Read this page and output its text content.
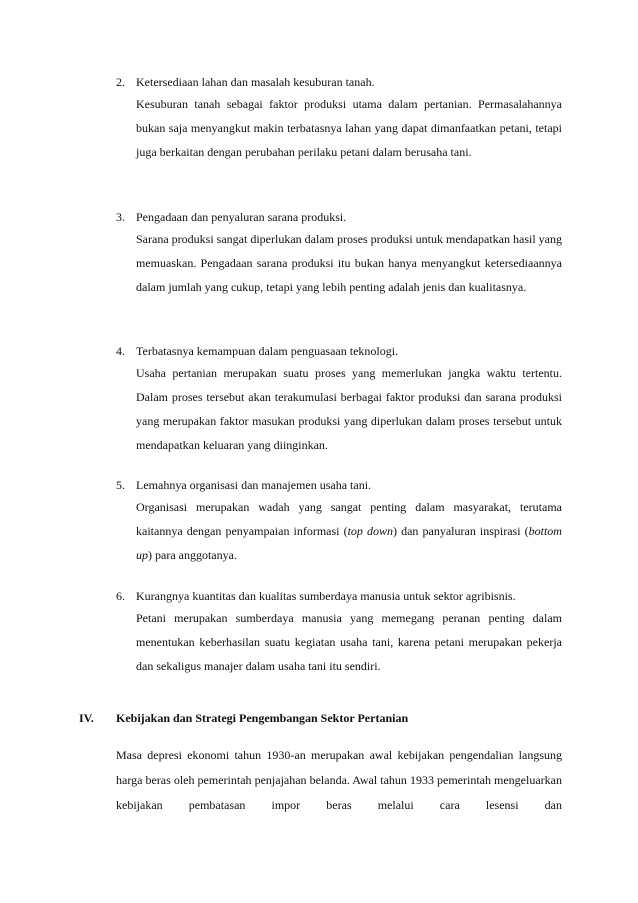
2. Ketersediaan lahan dan masalah kesuburan tanah.
Kesuburan tanah sebagai faktor produksi utama dalam pertanian. Permasalahannya bukan saja menyangkut makin terbatasnya lahan yang dapat dimanfaatkan petani, tetapi juga berkaitan dengan perubahan perilaku petani dalam berusaha tani.
3. Pengadaan dan penyaluran sarana produksi.
Sarana produksi sangat diperlukan dalam proses produksi untuk mendapatkan hasil yang memuaskan. Pengadaan sarana produksi itu bukan hanya menyangkut ketersediaannya dalam jumlah yang cukup, tetapi yang lebih penting adalah jenis dan kualitasnya.
4. Terbatasnya kemampuan dalam penguasaan teknologi.
Usaha pertanian merupakan suatu proses yang memerlukan jangka waktu tertentu. Dalam proses tersebut akan terakumulasi berbagai faktor produksi dan sarana produksi yang merupakan faktor masukan produksi yang diperlukan dalam proses tersebut untuk mendapatkan keluaran yang diinginkan.
5. Lemahnya organisasi dan manajemen usaha tani.
Organisasi merupakan wadah yang sangat penting dalam masyarakat, terutama kaitannya dengan penyampaian informasi (top down) dan panyaluran inspirasi (bottom up) para anggotanya.
6. Kurangnya kuantitas dan kualitas sumberdaya manusia untuk sektor agribisnis.
Petani merupakan sumberdaya manusia yang memegang peranan penting dalam menentukan keberhasilan suatu kegiatan usaha tani, karena petani merupakan pekerja dan sekaligus manajer dalam usaha tani itu sendiri.
IV. Kebijakan dan Strategi Pengembangan Sektor Pertanian
Masa depresi ekonomi tahun 1930-an merupakan awal kebijakan pengendalian langsung harga beras oleh pemerintah penjajahan belanda. Awal tahun 1933 pemerintah mengeluarkan kebijakan pembatasan impor beras melalui cara lesensi dan
